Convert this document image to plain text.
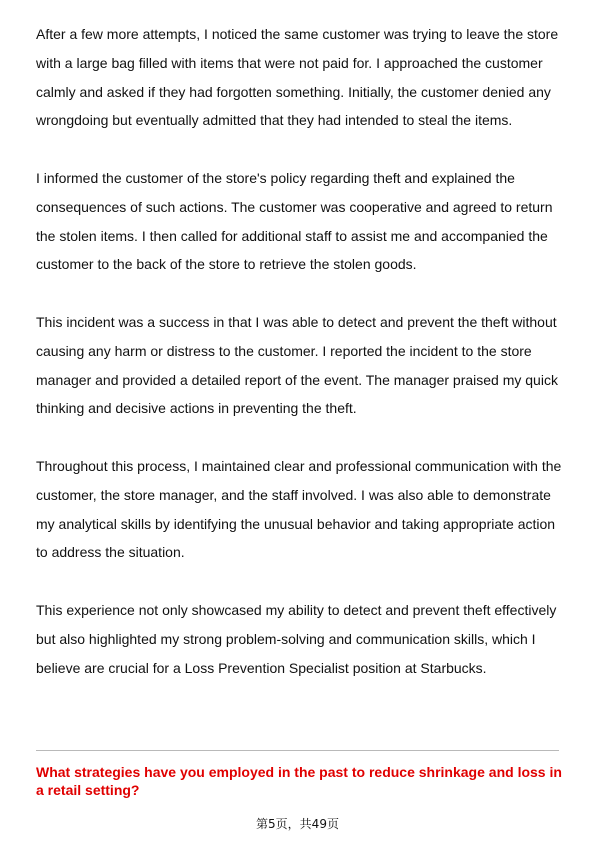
After a few more attempts, I noticed the same customer was trying to leave the store with a large bag filled with items that were not paid for. I approached the customer calmly and asked if they had forgotten something. Initially, the customer denied any wrongdoing but eventually admitted that they had intended to steal the items.

I informed the customer of the store's policy regarding theft and explained the consequences of such actions. The customer was cooperative and agreed to return the stolen items. I then called for additional staff to assist me and accompanied the customer to the back of the store to retrieve the stolen goods.

This incident was a success in that I was able to detect and prevent the theft without causing any harm or distress to the customer. I reported the incident to the store manager and provided a detailed report of the event. The manager praised my quick thinking and decisive actions in preventing the theft.

Throughout this process, I maintained clear and professional communication with the customer, the store manager, and the staff involved. I was also able to demonstrate my analytical skills by identifying the unusual behavior and taking appropriate action to address the situation.

This experience not only showcased my ability to detect and prevent theft effectively but also highlighted my strong problem-solving and communication skills, which I believe are crucial for a Loss Prevention Specialist position at Starbucks.

What strategies have you employed in the past to reduce shrinkage and loss in a retail setting?

第5页，共49页
